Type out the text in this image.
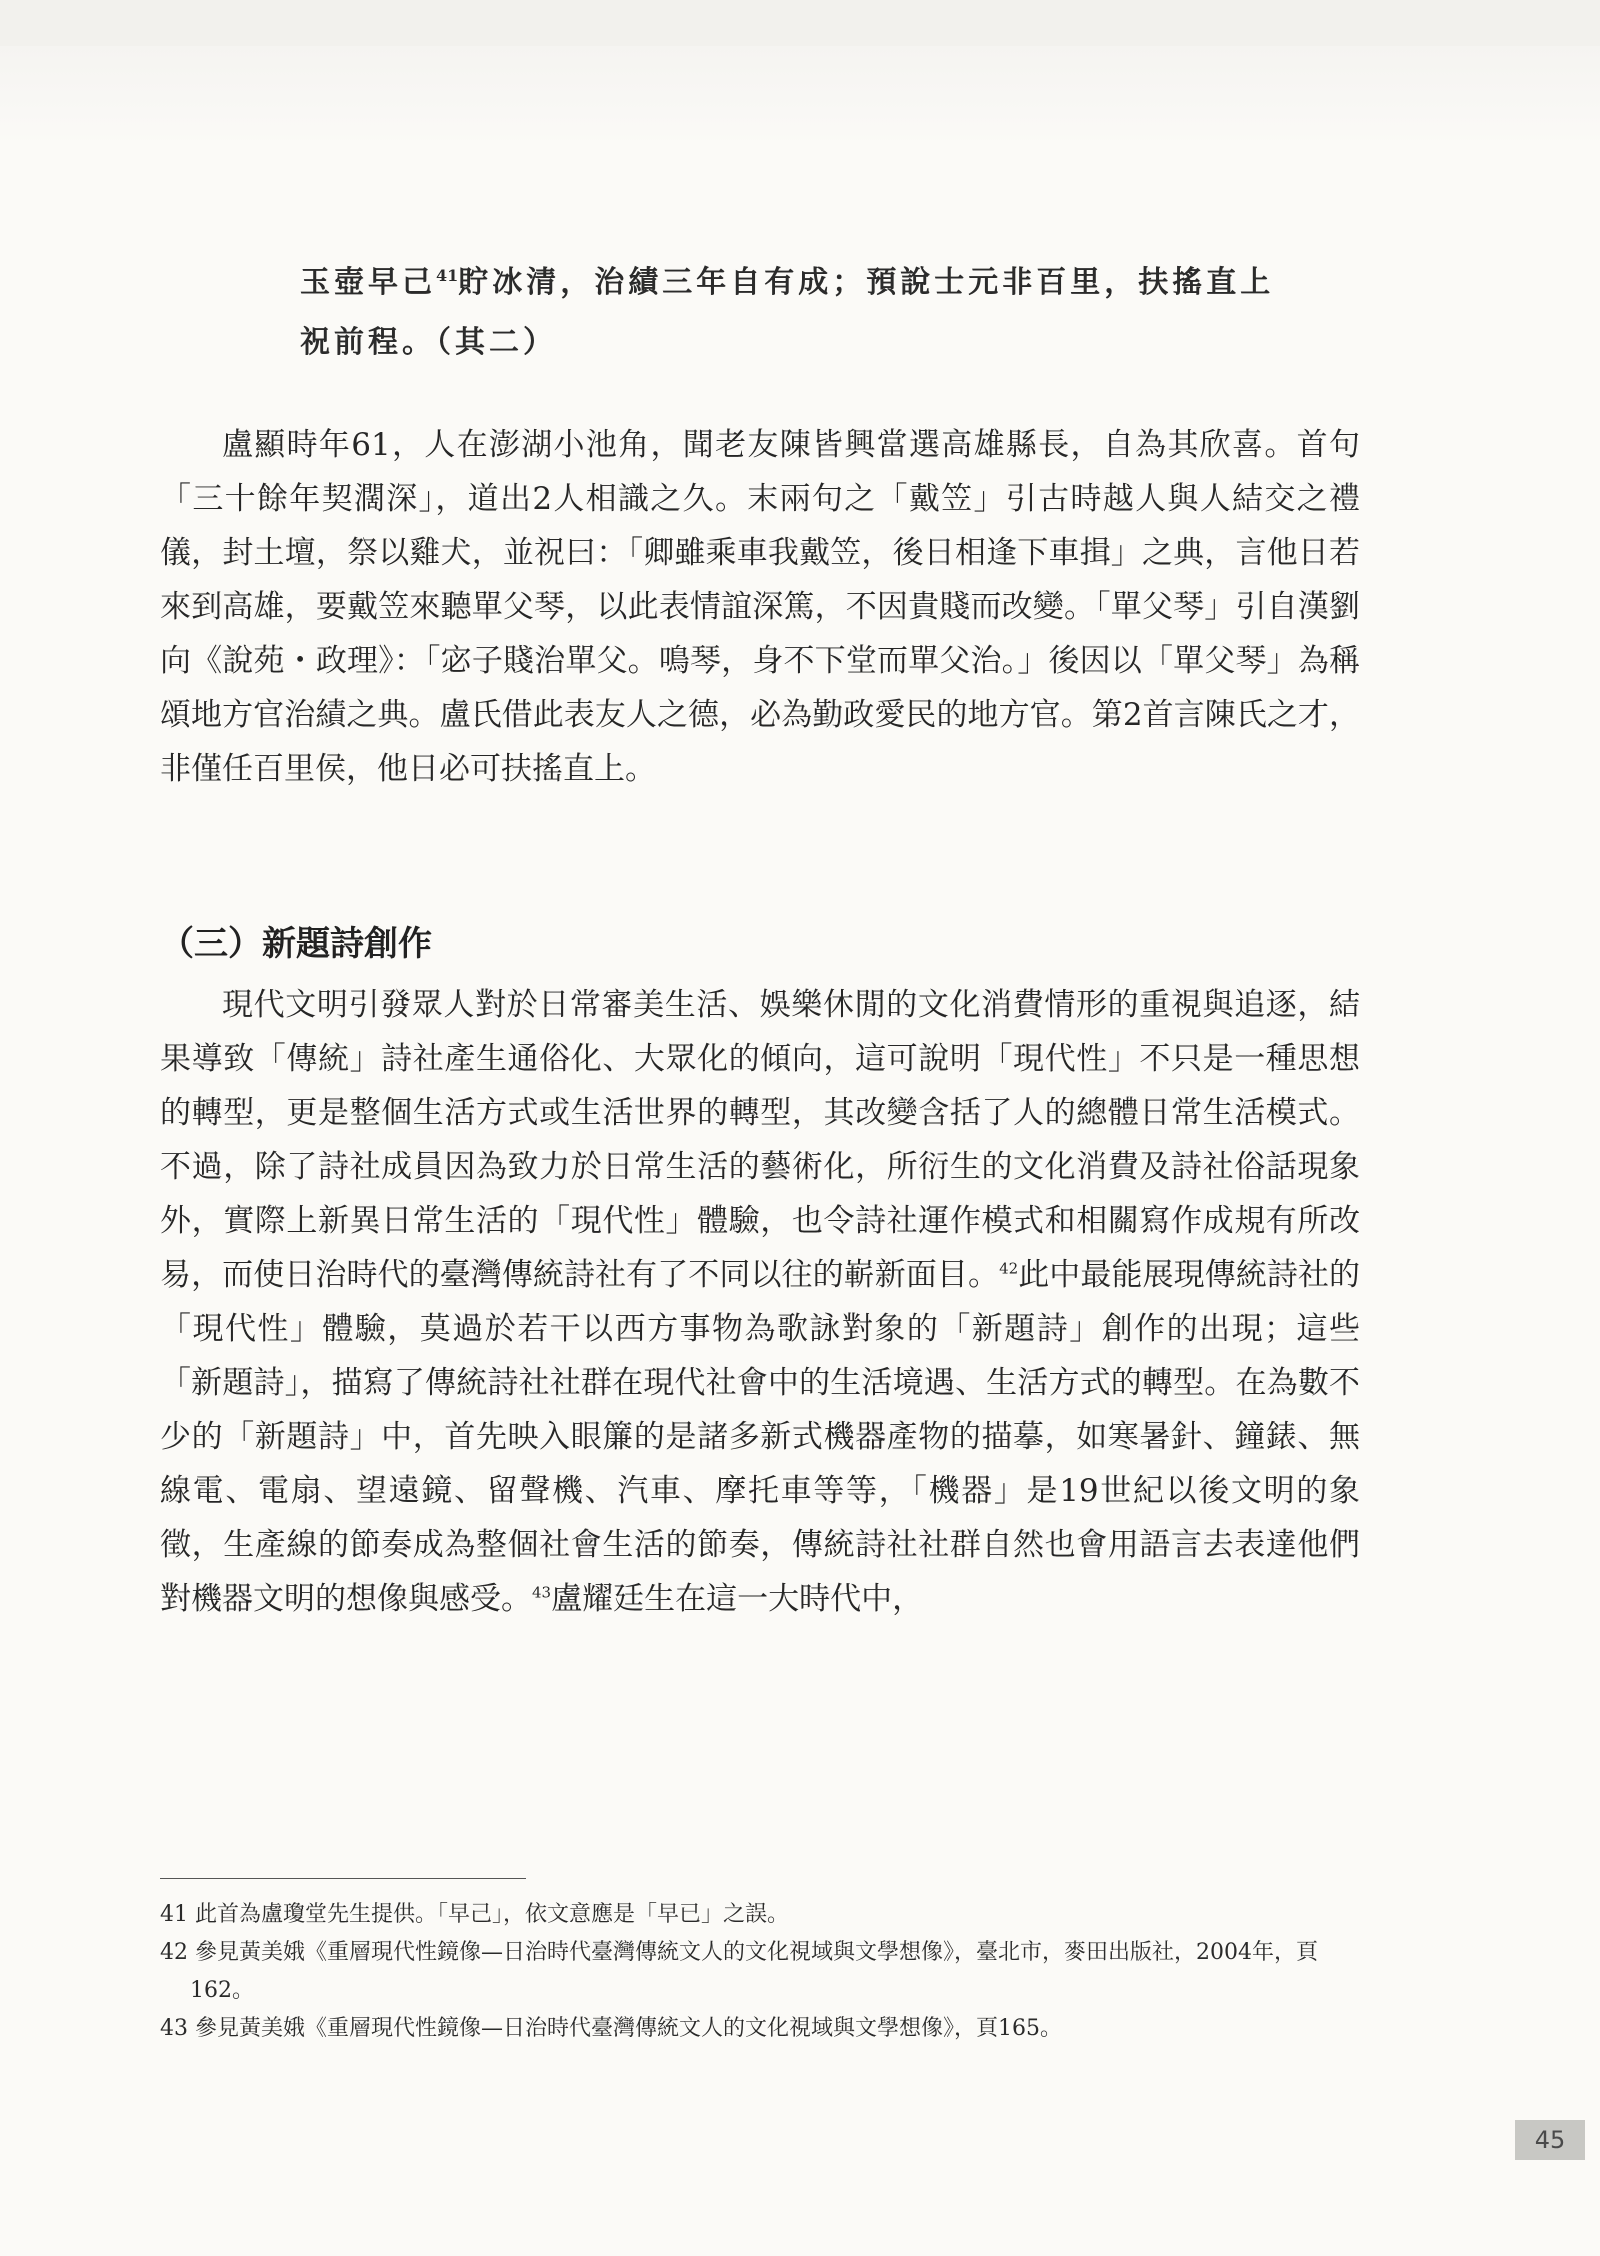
玉壺早己$^{41}$貯冰清，治績三年自有成；預說士元非百里，扶搖直上

祝前程。（其二）

盧顯時年61，人在澎湖小池角，聞老友陳皆興當選高雄縣長，自為其欣喜。首句「三十餘年契濶深」，道出2人相識之久。末兩句之「戴笠」引古時越人與人結交之禮儀，封土壇，祭以雞犬，並祝曰：「卿雖乘車我戴笠，後日相逢下車揖」之典，言他日若來到高雄，要戴笠來聽單父琴，以此表情誼深篤，不因貴賤而改變。「單父琴」引自漢劉向《說苑・政理》：「宓子賤治單父。鳴琴，身不下堂而單父治。」後因以「單父琴」為稱頌地方官治績之典。盧氏借此表友人之德，必為勤政愛民的地方官。第2首言陳氏之才，非僅任百里侯，他日必可扶搖直上。

（三）新題詩創作

現代文明引發眾人對於日常審美生活、娛樂休閒的文化消費情形的重視與追逐，結果導致「傳統」詩社產生通俗化、大眾化的傾向，這可說明「現代性」不只是一種思想的轉型，更是整個生活方式或生活世界的轉型，其改變含括了人的總體日常生活模式。不過，除了詩社成員因為致力於日常生活的藝術化，所衍生的文化消費及詩社俗話現象外，實際上新異日常生活的「現代性」體驗，也令詩社運作模式和相關寫作成規有所改易，而使日治時代的臺灣傳統詩社有了不同以往的嶄新面目。$^{42}$此中最能展現傳統詩社的「現代性」體驗，莫過於若干以西方事物為歌詠對象的「新題詩」創作的出現；這些「新題詩」，描寫了傳統詩社社群在現代社會中的生活境遇、生活方式的轉型。在為數不少的「新題詩」中，首先映入眼簾的是諸多新式機器產物的描摹，如寒暑針、鐘錶、無線電、電扇、望遠鏡、留聲機、汽車、摩托車等等，「機器」是19世紀以後文明的象徵，生產線的節奏成為整個社會生活的節奏，傳統詩社社群自然也會用語言去表達他們對機器文明的想像與感受。$^{43}$盧耀廷生在這一大時代中，

41 此首為盧瓊堂先生提供。「早己」，依文意應是「早已」之誤。

42 參見黃美娥《重層現代性鏡像—日治時代臺灣傳統文人的文化視域與文學想像》，臺北市，麥田出版社，2004年，頁162。

43 參見黃美娥《重層現代性鏡像—日治時代臺灣傳統文人的文化視域與文學想像》，頁165。

45
